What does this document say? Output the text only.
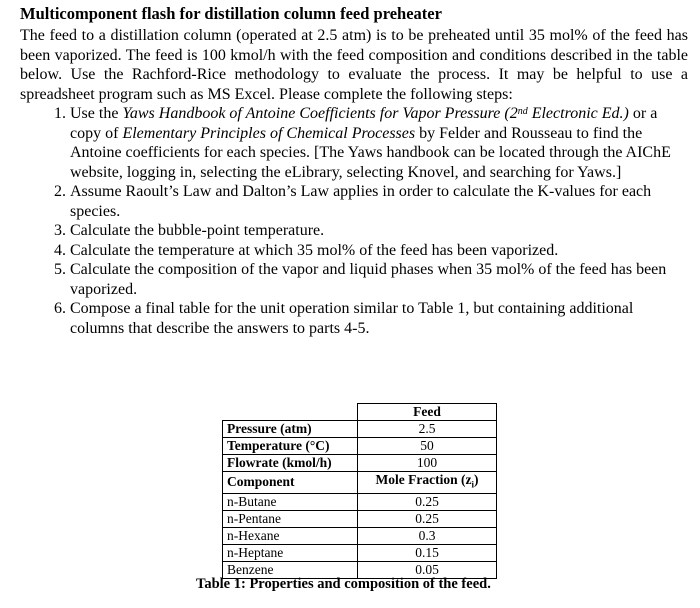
Multicomponent flash for distillation column feed preheater

The feed to a distillation column (operated at 2.5 atm) is to be preheated until 35 mol% of the feed has been vaporized. The feed is 100 kmol/h with the feed composition and conditions described in the table below. Use the Rachford-Rice methodology to evaluate the process. It may be helpful to use a spreadsheet program such as MS Excel. Please complete the following steps:

1. Use the Yaws Handbook of Antoine Coefficients for Vapor Pressure (2nd Electronic Ed.) or a copy of Elementary Principles of Chemical Processes by Felder and Rousseau to find the Antoine coefficients for each species. [The Yaws handbook can be located through the AIChE website, logging in, selecting the eLibrary, selecting Knovel, and searching for Yaws.]
2. Assume Raoult’s Law and Dalton’s Law applies in order to calculate the K-values for each species.
3. Calculate the bubble-point temperature.
4. Calculate the temperature at which 35 mol% of the feed has been vaporized.
5. Calculate the composition of the vapor and liquid phases when 35 mol% of the feed has been vaporized.
6. Compose a final table for the unit operation similar to Table 1, but containing additional columns that describe the answers to parts 4-5.
	Feed
Pressure (atm)	2.5
Temperature (°C)	50
Flowrate (kmol/h)	100
Component	Mole Fraction $(z_i)$
n-Butane	0.25
n-Pentane	0.25
n-Hexane	0.3
n-Heptane	0.15
Benzene	0.05
Table 1: Properties and composition of the feed.
